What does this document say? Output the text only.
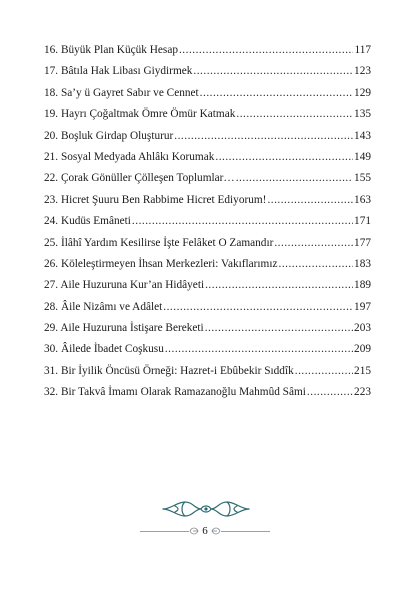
16. Büyük Plan Küçük Hesap .....	117
17. Bâtıla Hak Libası Giydirmek .....	123
18. Sa’y ü Gayret Sabır ve Cennet .....	129
19. Hayrı Çoğaltmak Ömre Ömür Katmak .....	135
20. Boşluk Girdap Oluşturur .....	143
21. Sosyal Medyada Ahlâkı Korumak .....	149
22. Çorak Gönüller Çölleşen Toplumlar… .....	155
23. Hicret Şuuru Ben Rabbime Hicret Ediyorum! .....	163
24. Kudüs Emâneti .....	171
25. İlâhî Yardım Kesilirse İşte Felâket O Zamandır .....	177
26. Köleleştirmeyen İhsan Merkezleri: Vakıflarımız .....	183
27. Aile Huzuruna Kur’an Hidâyeti .....	189
28. Âile Nizâmı ve Adâlet .....	197
29. Aile Huzuruna İstişare Bereketi .....	203
30. Âilede İbadet Coşkusu .....	209
31. Bir İyilik Öncüsü Örneği: Hazret-i Ebûbekir Sıddîk .....	215
32. Bir Takvâ İmamı Olarak Ramazanoğlu Mahmûd Sâmi .....	223
6
